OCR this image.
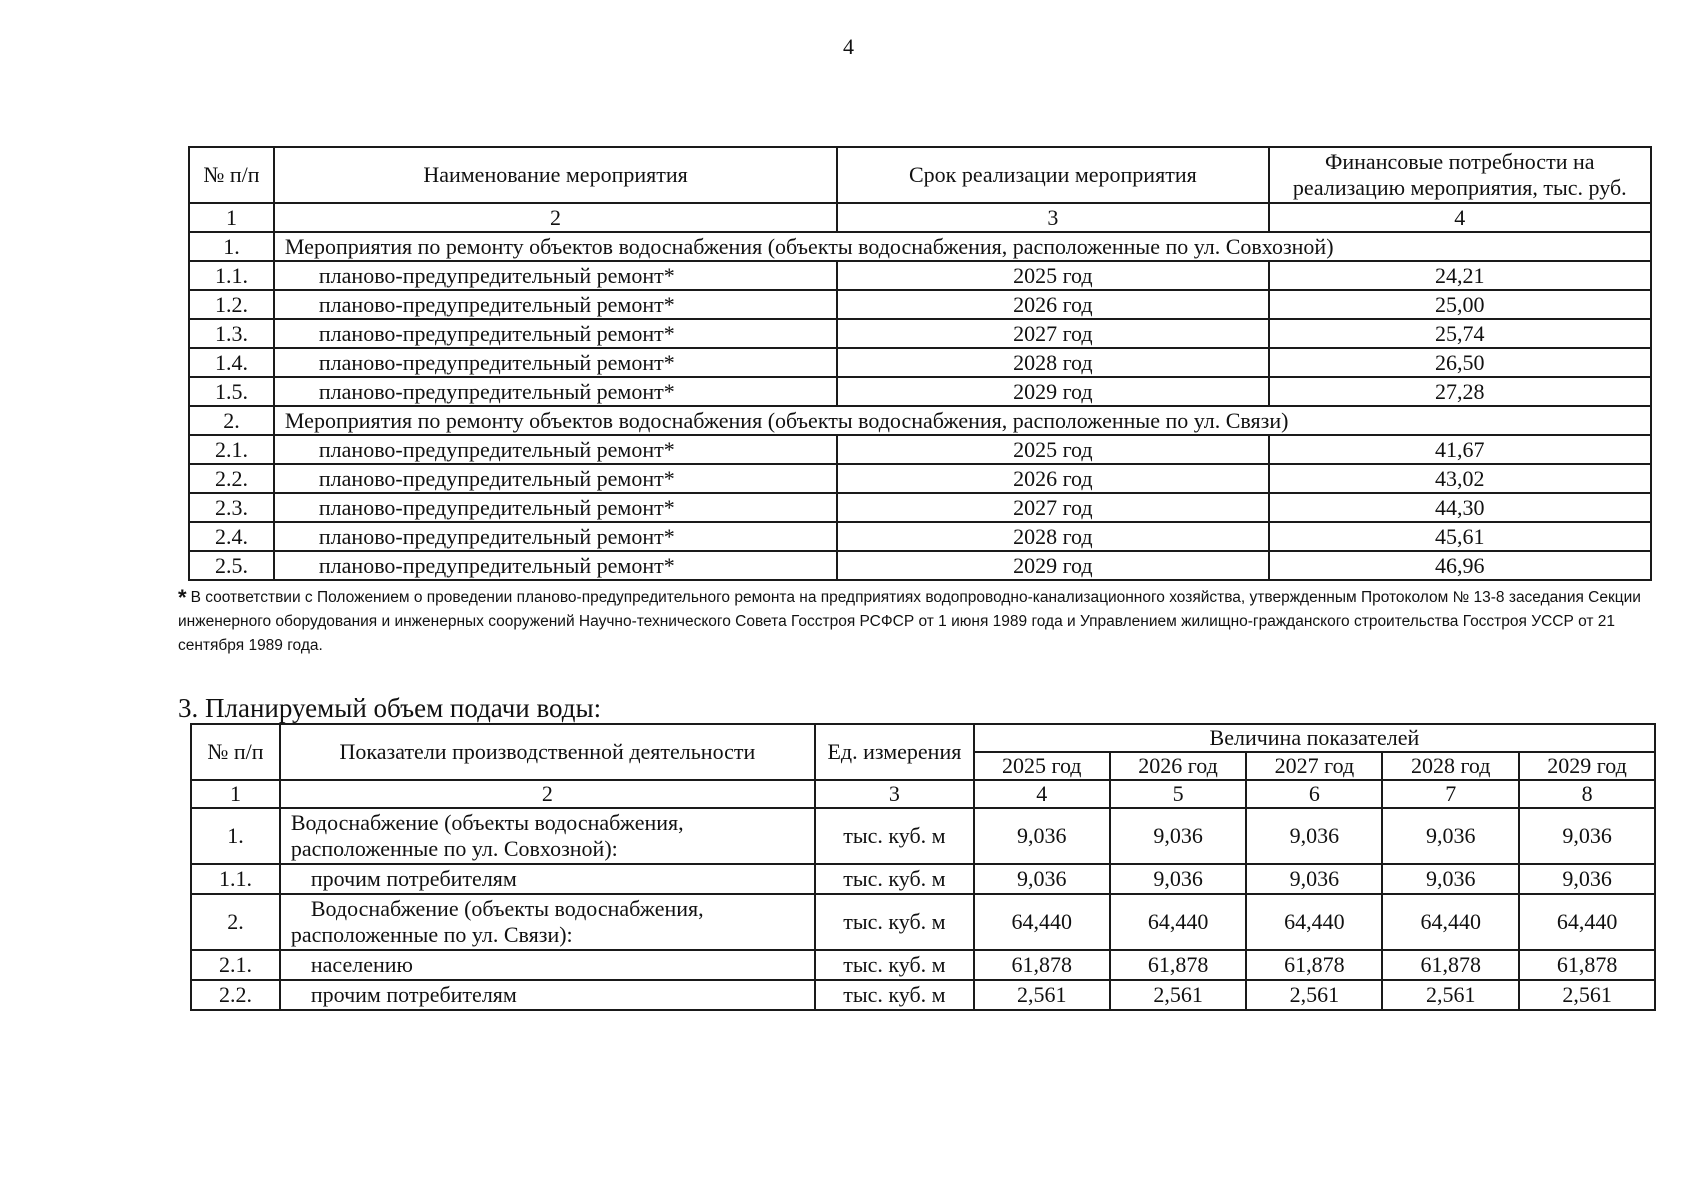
4
№ п/п	Наименование мероприятия	Срок реализации мероприятия	Финансовые потребности на реализацию мероприятия, тыс. руб.
1	2	3	4
1.	Мероприятия по ремонту объектов водоснабжения (объекты водоснабжения, расположенные по ул. Совхозной)		
1.1.	планово-предупредительный ремонт*	2025 год	24,21
1.2.	планово-предупредительный ремонт*	2026 год	25,00
1.3.	планово-предупредительный ремонт*	2027 год	25,74
1.4.	планово-предупредительный ремонт*	2028 год	26,50
1.5.	планово-предупредительный ремонт*	2029 год	27,28
2.	Мероприятия по ремонту объектов водоснабжения (объекты водоснабжения, расположенные по ул. Связи)		
2.1.	планово-предупредительный ремонт*	2025 год	41,67
2.2.	планово-предупредительный ремонт*	2026 год	43,02
2.3.	планово-предупредительный ремонт*	2027 год	44,30
2.4.	планово-предупредительный ремонт*	2028 год	45,61
2.5.	планово-предупредительный ремонт*	2029 год	46,96
* В соответствии с Положением о проведении планово-предупредительного ремонта на предприятиях водопроводно-канализационного хозяйства, утвержденным Протоколом № 13-8 заседания Секции инженерного оборудования и инженерных сооружений Научно-технического Совета Госстроя РСФСР от 1 июня 1989 года и Управлением жилищно-гражданского строительства Госстроя УССР от 21 сентября 1989 года.
3. Планируемый объем подачи воды:
№ п/п	Показатели производственной деятельности	Ед. измерения	Величина показателей				
			2025 год	2026 год	2027 год	2028 год	2029 год
1	2	3	4	5	6	7	8
1.	Водоснабжение (объекты водоснабжения,
расположенные по ул. Совхозной):	тыс. куб. м	9,036	9,036	9,036	9,036	9,036
1.1.	прочим потребителям	тыс. куб. м	9,036	9,036	9,036	9,036	9,036
2.	Водоснабжение (объекты водоснабжения,
расположенные по ул. Связи):	тыс. куб. м	64,440	64,440	64,440	64,440	64,440
2.1.	населению	тыс. куб. м	61,878	61,878	61,878	61,878	61,878
2.2.	прочим потребителям	тыс. куб. м	2,561	2,561	2,561	2,561	2,561
